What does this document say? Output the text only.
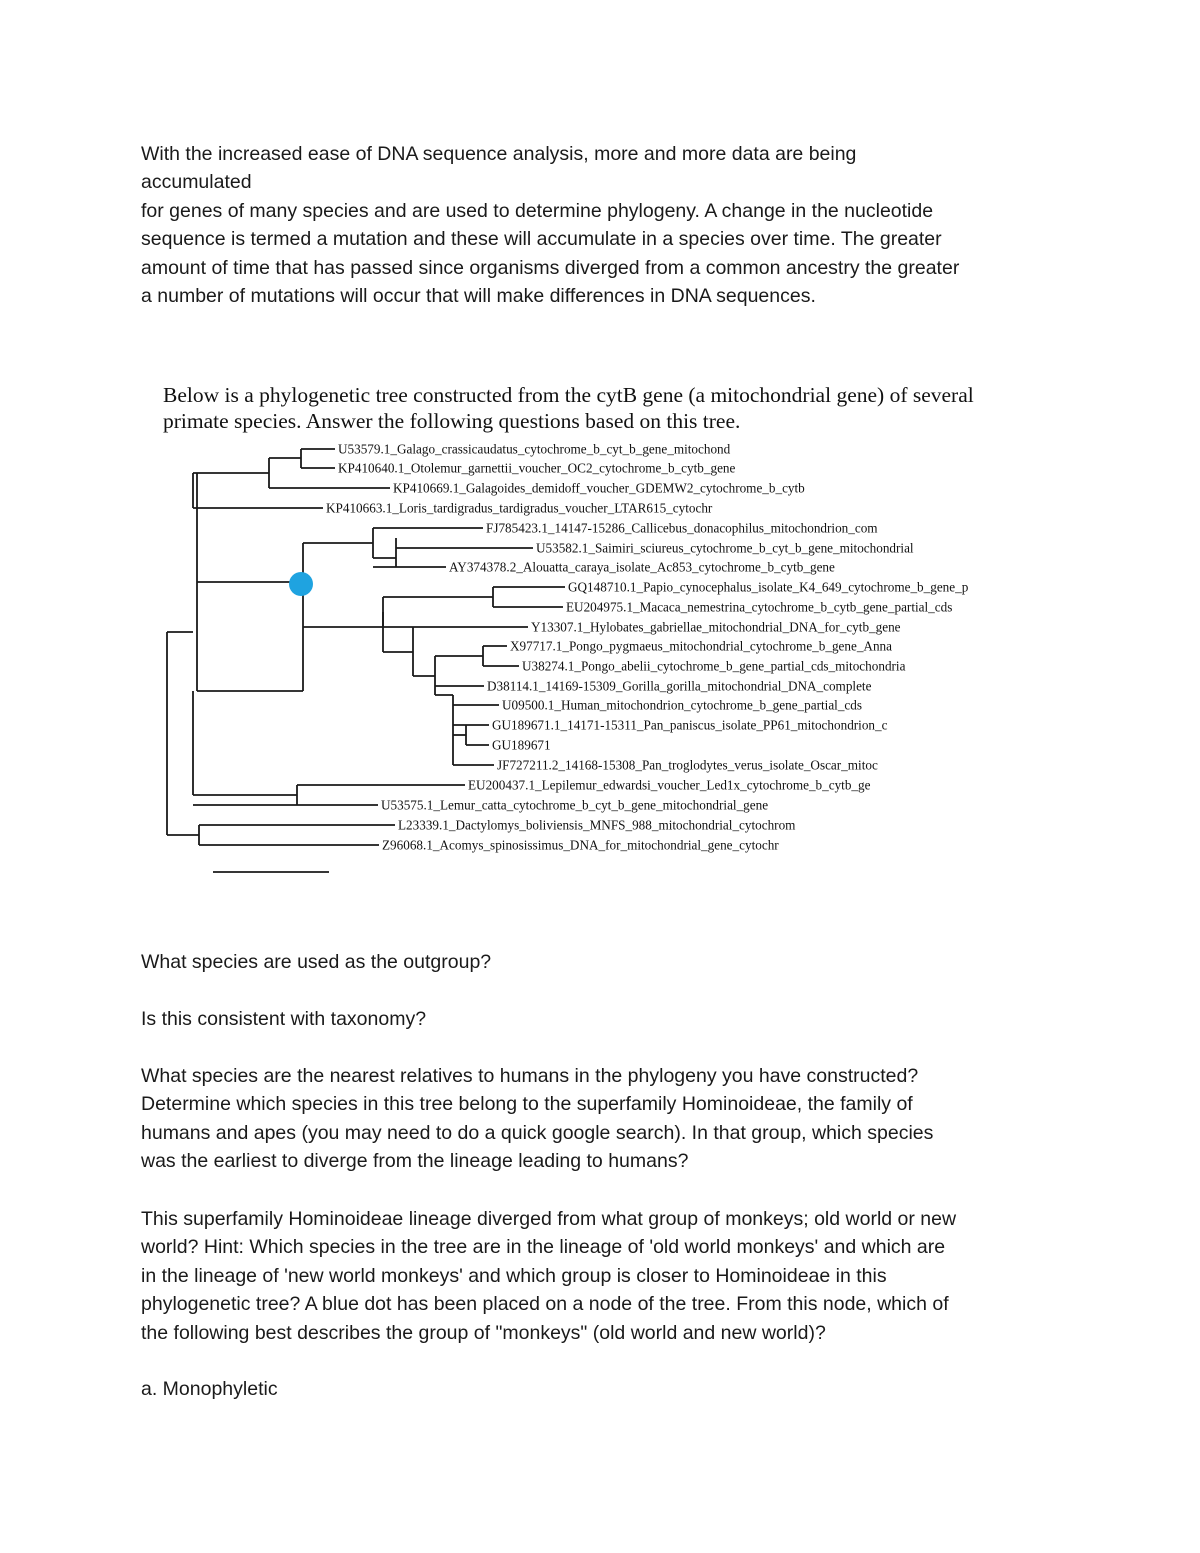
With the increased ease of DNA sequence analysis, more and more data are being
accumulated
for genes of many species and are used to determine phylogeny. A change in the nucleotide
sequence is termed a mutation and these will accumulate in a species over time. The greater
amount of time that has passed since organisms diverged from a common ancestry the greater
a number of mutations will occur that will make differences in DNA sequences.
Below is a phylogenetic tree constructed from the cytB gene (a mitochondrial gene) of several
primate species. Answer the following questions based on this tree.
U53579.1_Galago_crassicaudatus_cytochrome_b_cyt_b_gene_mitochond
KP410640.1_Otolemur_garnettii_voucher_OC2_cytochrome_b_cytb_gene
KP410669.1_Galagoides_demidoff_voucher_GDEMW2_cytochrome_b_cytb
KP410663.1_Loris_tardigradus_tardigradus_voucher_LTAR615_cytochr
FJ785423.1_14147-15286_Callicebus_donacophilus_mitochondrion_com
U53582.1_Saimiri_sciureus_cytochrome_b_cyt_b_gene_mitochondrial
AY374378.2_Alouatta_caraya_isolate_Ac853_cytochrome_b_cytb_gene
GQ148710.1_Papio_cynocephalus_isolate_K4_649_cytochrome_b_gene_p
EU204975.1_Macaca_nemestrina_cytochrome_b_cytb_gene_partial_cds
Y13307.1_Hylobates_gabriellae_mitochondrial_DNA_for_cytb_gene
X97717.1_Pongo_pygmaeus_mitochondrial_cytochrome_b_gene_Anna
U38274.1_Pongo_abelii_cytochrome_b_gene_partial_cds_mitochondria
D38114.1_14169-15309_Gorilla_gorilla_mitochondrial_DNA_complete
U09500.1_Human_mitochondrion_cytochrome_b_gene_partial_cds
GU189671.1_14171-15311_Pan_paniscus_isolate_PP61_mitochondrion_c
GU189671
JF727211.2_14168-15308_Pan_troglodytes_verus_isolate_Oscar_mitoc
EU200437.1_Lepilemur_edwardsi_voucher_Led1x_cytochrome_b_cytb_ge
U53575.1_Lemur_catta_cytochrome_b_cyt_b_gene_mitochondrial_gene
L23339.1_Dactylomys_boliviensis_MNFS_988_mitochondrial_cytochrom
Z96068.1_Acomys_spinosissimus_DNA_for_mitochondrial_gene_cytochr
What species are used as the outgroup?
Is this consistent with taxonomy?
What species are the nearest relatives to humans in the phylogeny you have constructed?
Determine which species in this tree belong to the superfamily Hominoideae, the family of
humans and apes (you may need to do a quick google search). In that group, which species
was the earliest to diverge from the lineage leading to humans?
This superfamily Hominoideae lineage diverged from what group of monkeys; old world or new
world? Hint: Which species in the tree are in the lineage of 'old world monkeys' and which are
in the lineage of 'new world monkeys' and which group is closer to Hominoideae in this
phylogenetic tree? A blue dot has been placed on a node of the tree. From this node, which of
the following best describes the group of "monkeys" (old world and new world)?
a. Monophyletic
